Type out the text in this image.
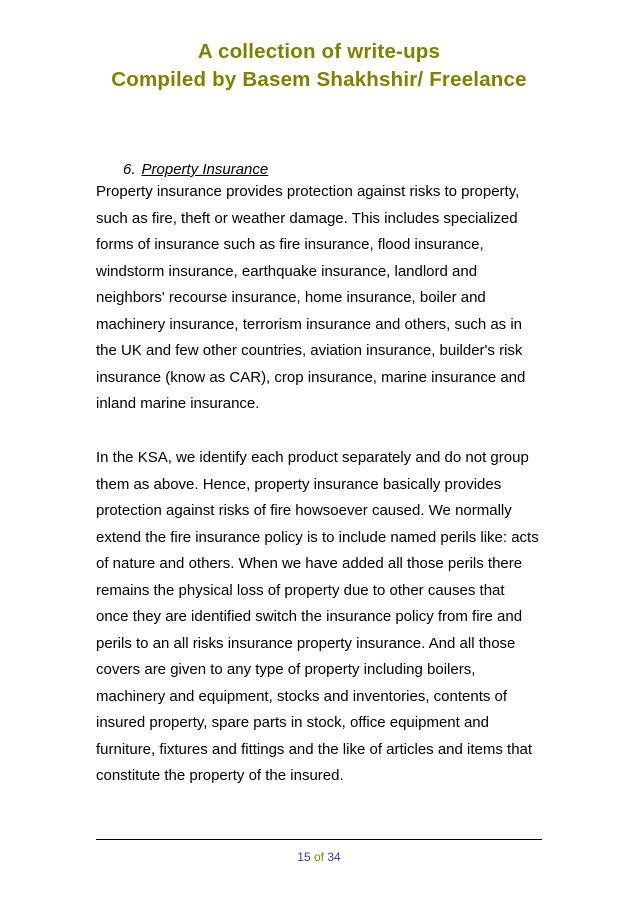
A collection of write-ups
Compiled by Basem Shakhshir/ Freelance
6. Property Insurance
Property insurance provides protection against risks to property,
such as fire, theft or weather damage. This includes specialized
forms of insurance such as fire insurance, flood insurance,
windstorm insurance, earthquake insurance, landlord and
neighbors' recourse insurance, home insurance, boiler and
machinery insurance, terrorism insurance and others, such as in
the UK and few other countries, aviation insurance, builder's risk
insurance (know as CAR), crop insurance, marine insurance and
inland marine insurance.
In the KSA, we identify each product separately and do not group
them as above. Hence, property insurance basically provides
protection against risks of fire howsoever caused. We normally
extend the fire insurance policy is to include named perils like: acts
of nature and others. When we have added all those perils there
remains the physical loss of property due to other causes that
once they are identified switch the insurance policy from fire and
perils to an all risks insurance property insurance. And all those
covers are given to any type of property including boilers,
machinery and equipment, stocks and inventories, contents of
insured property, spare parts in stock, office equipment and
furniture, fixtures and fittings and the like of articles and items that
constitute the property of the insured.
15 of 34
